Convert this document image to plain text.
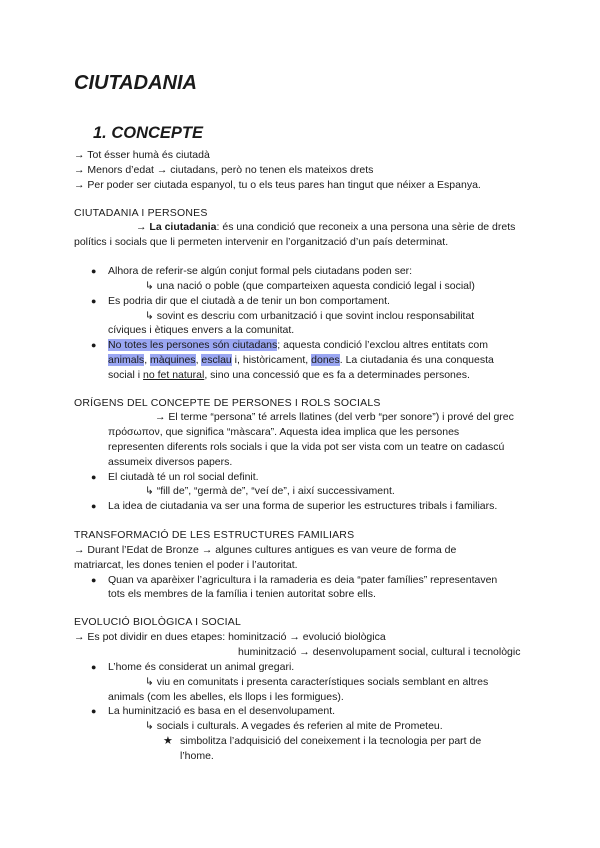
CIUTADANIA
1. CONCEPTE
→ Tot ésser humà és ciutadà
→ Menors d’edat → ciutadans, però no tenen els mateixos drets
→ Per poder ser ciutada espanyol, tu o els teus pares han tingut que néixer a Espanya.
CIUTADANIA I PERSONES
→ La ciutadania: és una condició que reconeix a una persona una sèrie de drets
polítics i socials que li permeten intervenir en l’organització d’un país determinat.
● Alhora de referir-se algún conjut formal pels ciutadans poden ser:
↳ una nació o poble (que comparteixen aquesta condició legal i social)
● Es podria dir que el ciutadà a de tenir un bon comportament.
↳ sovint es descriu com urbanització i que sovint inclou responsabilitat
cíviques i ètiques envers a la comunitat.
● No totes les persones són ciutadans; aquesta condició l’exclou altres entitats com
animals, màquines, esclau i, històricament, dones. La ciutadania és una conquesta
social i no fet natural, sino una concessió que es fa a determinades persones.
ORÍGENS DEL CONCEPTE DE PERSONES I ROLS SOCIALS
→ El terme “persona” té arrels llatines (del verb “per sonore”) i prové del grec
πρόσωπον, que significa “màscara”. Aquesta idea implica que les persones
representen diferents rols socials i que la vida pot ser vista com un teatre on cadascú
assumeix diversos papers.
● El ciutadà té un rol social definit.
↳ “fill de”, “germà de”, “veí de”, i així successivament.
● La idea de ciutadania va ser una forma de superior les estructures tribals i familiars.
TRANSFORMACIÓ DE LES ESTRUCTURES FAMILIARS
→ Durant l’Edat de Bronze → algunes cultures antigues es van veure de forma de
matriarcat, les dones tenien el poder i l’autoritat.
● Quan va aparèixer l’agricultura i la ramaderia es deia “pater famílies” representaven
tots els membres de la família i tenien autoritat sobre ells.
EVOLUCIÓ BIOLÒGICA I SOCIAL
→ Es pot dividir en dues etapes: hominització → evolució biològica
huminització → desenvolupament social, cultural i tecnològic
● L’home és considerat un animal gregari.
↳ viu en comunitats i presenta característiques socials semblant en altres
animals (com les abelles, els llops i les formigues).
● La huminització es basa en el desenvolupament.
↳ socials i culturals. A vegades és referien al mite de Prometeu.
★ simbolitza l’adquisició del coneixement i la tecnologia per part de
l’home.
